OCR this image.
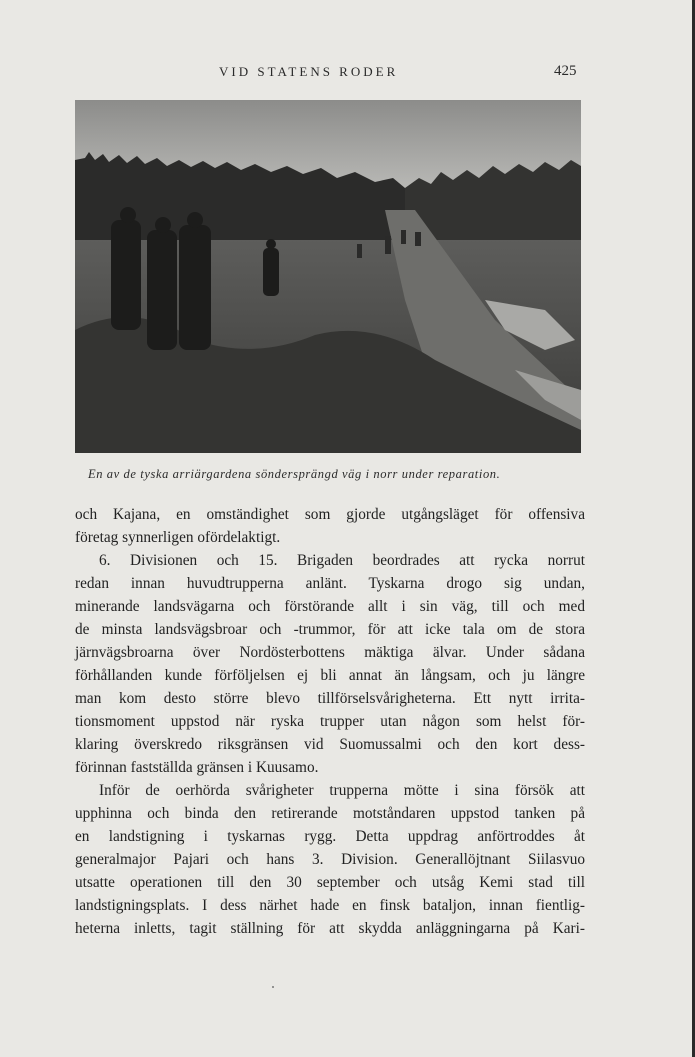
VID STATENS RODER	425
En av de tyska arriärgardena söndersprängd väg i norr under reparation.
och Kajana, en omständighet som gjorde utgångsläget för offensiva
företag synnerligen ofördelaktigt.
6. Divisionen och 15. Brigaden beordrades att rycka norrut
redan innan huvudtrupperna anlänt. Tyskarna drogo sig undan,
minerande landsvägarna och förstörande allt i sin väg, till och med
de minsta landsvägsbroar och -trummor, för att icke tala om de stora
järnvägsbroarna över Nordösterbottens mäktiga älvar. Under sådana
förhållanden kunde förföljelsen ej bli annat än långsam, och ju längre
man kom desto större blevo tillförselsvårigheterna. Ett nytt irrita-
tionsmoment uppstod när ryska trupper utan någon som helst för-
klaring överskredo riksgränsen vid Suomussalmi och den kort dess-
förinnan fastställda gränsen i Kuusamo.
Inför de oerhörda svårigheter trupperna mötte i sina försök att
upphinna och binda den retirerande motståndaren uppstod tanken på
en landstigning i tyskarnas rygg. Detta uppdrag anförtroddes åt
generalmajor Pajari och hans 3. Division. Generallöjtnant Siilasvuo
utsatte operationen till den 30 september och utsåg Kemi stad till
landstigningsplats. I dess närhet hade en finsk bataljon, innan fientlig-
heterna inletts, tagit ställning för att skydda anläggningarna på Kari-
